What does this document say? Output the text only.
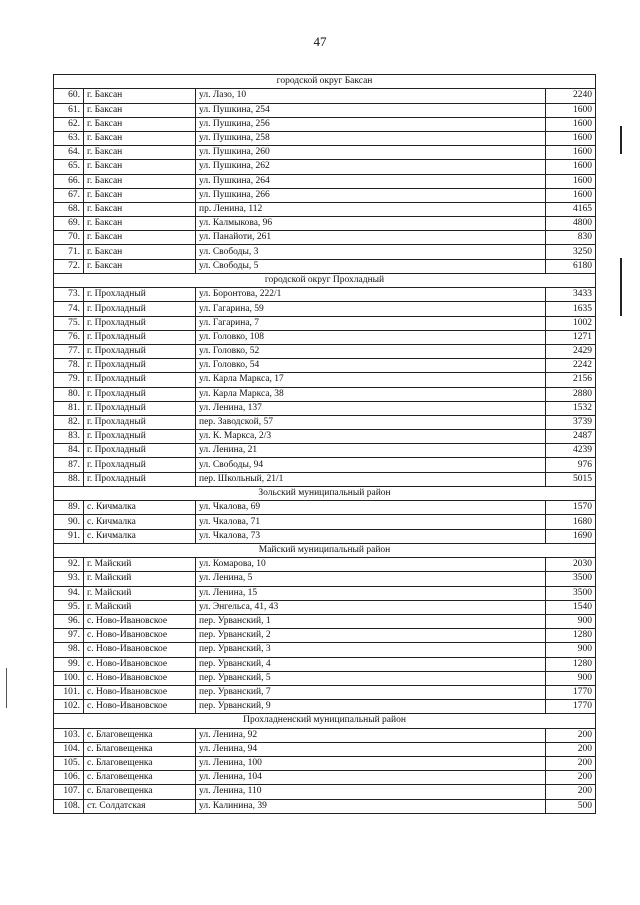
47
городской округ Баксан			
60.	г. Баксан	ул. Лазо, 10	2240
61.	г. Баксан	ул. Пушкина, 254	1600
62.	г. Баксан	ул. Пушкина, 256	1600
63.	г. Баксан	ул. Пушкина, 258	1600
64.	г. Баксан	ул. Пушкина, 260	1600
65.	г. Баксан	ул. Пушкина, 262	1600
66.	г. Баксан	ул. Пушкина, 264	1600
67.	г. Баксан	ул. Пушкина, 266	1600
68.	г. Баксан	пр. Ленина, 112	4165
69.	г. Баксан	ул. Калмыкова, 96	4800
70.	г. Баксан	ул. Панайоти, 261	830
71.	г. Баксан	ул. Свободы, 3	3250
72.	г. Баксан	ул. Свободы, 5	6180
городской округ Прохладный			
73.	г. Прохладный	ул. Боронтова, 222/1	3433
74.	г. Прохладный	ул. Гагарина, 59	1635
75.	г. Прохладный	ул. Гагарина, 7	1002
76.	г. Прохладный	ул. Головко, 108	1271
77.	г. Прохладный	ул. Головко, 52	2429
78.	г. Прохладный	ул. Головко, 54	2242
79.	г. Прохладный	ул. Карла Маркса, 17	2156
80.	г. Прохладный	ул. Карла Маркса, 38	2880
81.	г. Прохладный	ул. Ленина, 137	1532
82.	г. Прохладный	пер. Заводской, 57	3739
83.	г. Прохладный	ул. К. Маркса, 2/3	2487
84.	г. Прохладный	ул. Ленина, 21	4239
87.	г. Прохладный	ул. Свободы, 94	976
88.	г. Прохладный	пер. Школьный, 21/1	5015
Зольский муниципальный район			
89.	с. Кичмалка	ул. Чкалова, 69	1570
90.	с. Кичмалка	ул. Чкалова, 71	1680
91.	с. Кичмалка	ул. Чкалова, 73	1690
Майский муниципальный район			
92.	г. Майский	ул. Комарова, 10	2030
93.	г. Майский	ул. Ленина, 5	3500
94.	г. Майский	ул. Ленина, 15	3500
95.	г. Майский	ул. Энгельса, 41, 43	1540
96.	с. Ново-Ивановское	пер. Урванский, 1	900
97.	с. Ново-Ивановское	пер. Урванский, 2	1280
98.	с. Ново-Ивановское	пер. Урванский, 3	900
99.	с. Ново-Ивановское	пер. Урванский, 4	1280
100.	с. Ново-Ивановское	пер. Урванский, 5	900
101.	с. Ново-Ивановское	пер. Урванский, 7	1770
102.	с. Ново-Ивановское	пер. Урванский, 9	1770
Прохладненский муниципальный район			
103.	с. Благовещенка	ул. Ленина, 92	200
104.	с. Благовещенка	ул. Ленина, 94	200
105.	с. Благовещенка	ул. Ленина, 100	200
106.	с. Благовещенка	ул. Ленина, 104	200
107.	с. Благовещенка	ул. Ленина, 110	200
108.	ст. Солдатская	ул. Калинина, 39	500
